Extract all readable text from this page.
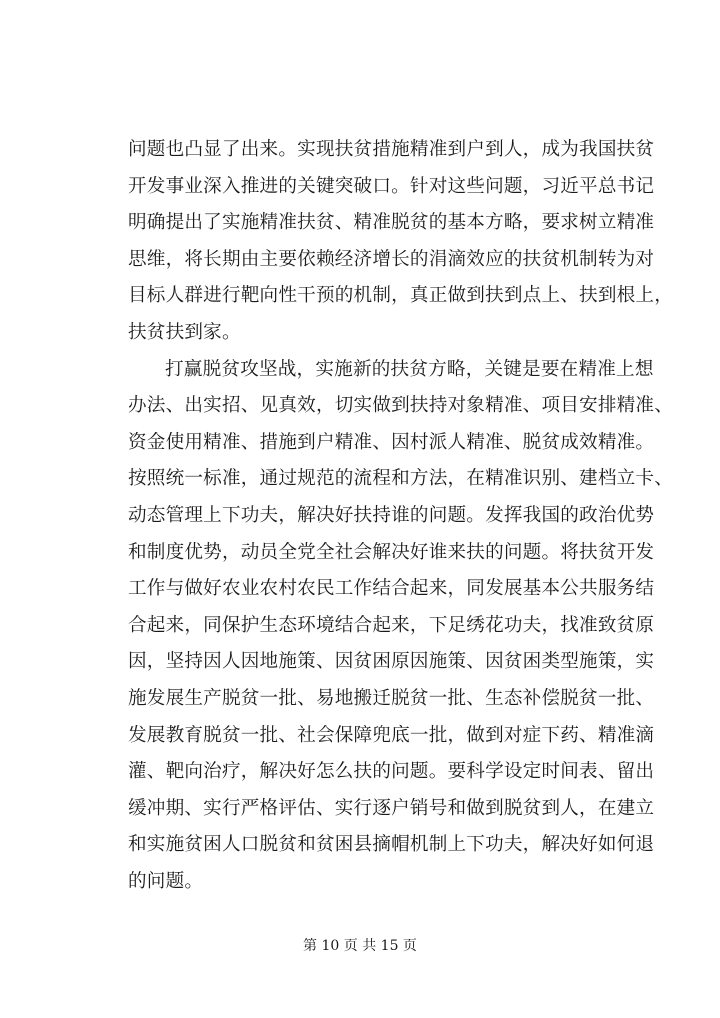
问题也凸显了出来。实现扶贫措施精准到户到人，成为我国扶贫
开发事业深入推进的关键突破口。针对这些问题，习近平总书记
明确提出了实施精准扶贫、精准脱贫的基本方略，要求树立精准
思维，将长期由主要依赖经济增长的涓滴效应的扶贫机制转为对
目标人群进行靶向性干预的机制，真正做到扶到点上、扶到根上，
扶贫扶到家。
打赢脱贫攻坚战，实施新的扶贫方略，关键是要在精准上想
办法、出实招、见真效，切实做到扶持对象精准、项目安排精准、
资金使用精准、措施到户精准、因村派人精准、脱贫成效精准。
按照统一标准，通过规范的流程和方法，在精准识别、建档立卡、
动态管理上下功夫，解决好扶持谁的问题。发挥我国的政治优势
和制度优势，动员全党全社会解决好谁来扶的问题。将扶贫开发
工作与做好农业农村农民工作结合起来，同发展基本公共服务结
合起来，同保护生态环境结合起来，下足绣花功夫，找准致贫原
因，坚持因人因地施策、因贫困原因施策、因贫困类型施策，实
施发展生产脱贫一批、易地搬迁脱贫一批、生态补偿脱贫一批、
发展教育脱贫一批、社会保障兜底一批，做到对症下药、精准滴
灌、靶向治疗，解决好怎么扶的问题。要科学设定时间表、留出
缓冲期、实行严格评估、实行逐户销号和做到脱贫到人，在建立
和实施贫困人口脱贫和贫困县摘帽机制上下功夫，解决好如何退
的问题。
第 10 页 共 15 页
